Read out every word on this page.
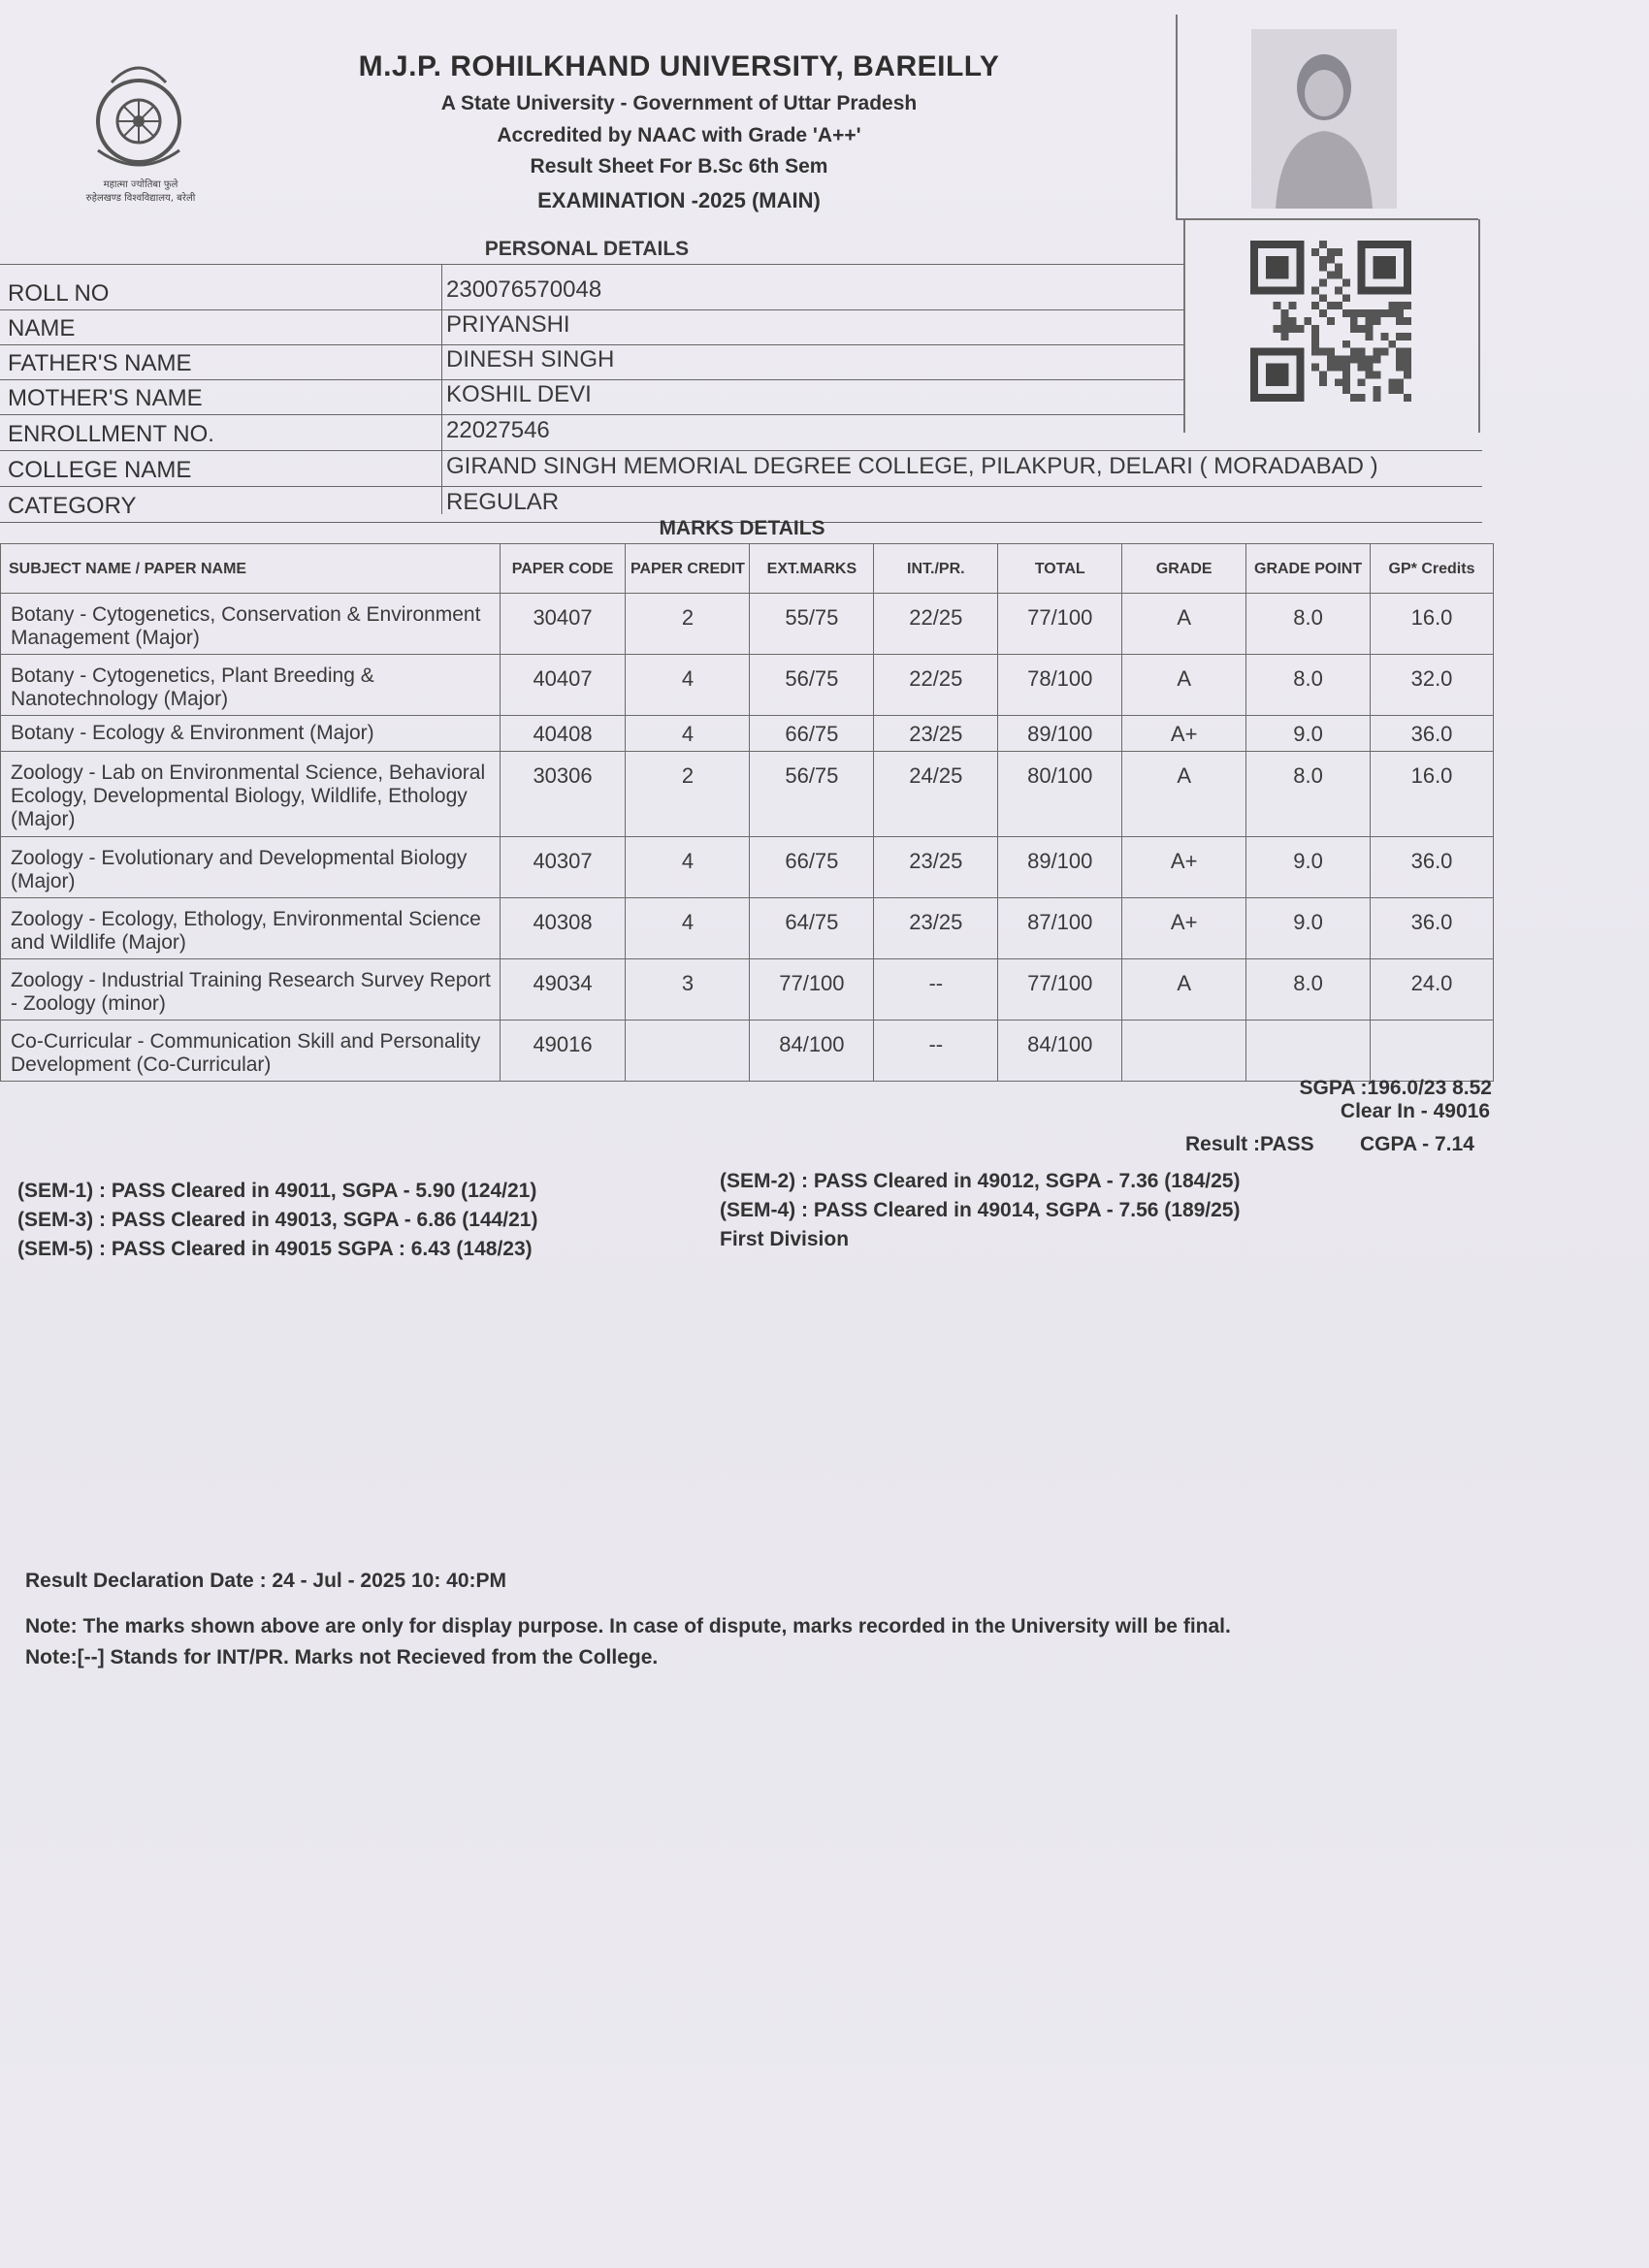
महात्मा ज्योतिबा फुले
रुहेलखण्ड विश्वविद्यालय, बरेली
M.J.P. ROHILKHAND UNIVERSITY, BAREILLY
A State University - Government of Uttar Pradesh
Accredited by NAAC with Grade 'A++'
Result Sheet For B.Sc 6th Sem
EXAMINATION -2025 (MAIN)
PERSONAL DETAILS
ROLL NO	230076570048
NAME	PRIYANSHI
FATHER'S NAME	DINESH SINGH
MOTHER'S NAME	KOSHIL DEVI
ENROLLMENT NO.	22027546
COLLEGE NAME	GIRAND SINGH MEMORIAL DEGREE COLLEGE, PILAKPUR, DELARI ( MORADABAD )
CATEGORY	REGULAR
MARKS DETAILS
SUBJECT NAME / PAPER NAME	PAPER CODE	PAPER CREDIT	EXT.MARKS	INT./PR.	TOTAL	GRADE	GRADE POINT	GP* Credits
Botany - Cytogenetics, Conservation & Environment Management (Major)	30407	2	55/75	22/25	77/100	A	8.0	16.0
Botany - Cytogenetics, Plant Breeding & Nanotechnology (Major)	40407	4	56/75	22/25	78/100	A	8.0	32.0
Botany - Ecology & Environment (Major)	40408	4	66/75	23/25	89/100	A+	9.0	36.0
Zoology - Lab on Environmental Science, Behavioral Ecology, Developmental Biology, Wildlife, Ethology (Major)	30306	2	56/75	24/25	80/100	A	8.0	16.0
Zoology - Evolutionary and Developmental Biology (Major)	40307	4	66/75	23/25	89/100	A+	9.0	36.0
Zoology - Ecology, Ethology, Environmental Science and Wildlife (Major)	40308	4	64/75	23/25	87/100	A+	9.0	36.0
Zoology - Industrial Training Research Survey Report - Zoology (minor)	49034	3	77/100	--	77/100	A	8.0	24.0
Co-Curricular - Communication Skill and Personality Development (Co-Curricular)	49016		84/100	--	84/100			
SGPA :196.0/23 8.52
Clear In - 49016
Result :PASS CGPA - 7.14
(SEM-1) : PASS Cleared in 49011, SGPA - 5.90 (124/21)
(SEM-3) : PASS Cleared in 49013, SGPA - 6.86 (144/21)
(SEM-5) : PASS Cleared in 49015 SGPA : 6.43 (148/23)
(SEM-2) : PASS Cleared in 49012, SGPA - 7.36 (184/25)
(SEM-4) : PASS Cleared in 49014, SGPA - 7.56 (189/25)
First Division
Result Declaration Date : 24 - Jul - 2025 10: 40:PM
Note: The marks shown above are only for display purpose. In case of dispute, marks recorded in the University will be final.
Note:[--] Stands for INT/PR. Marks not Recieved from the College.
